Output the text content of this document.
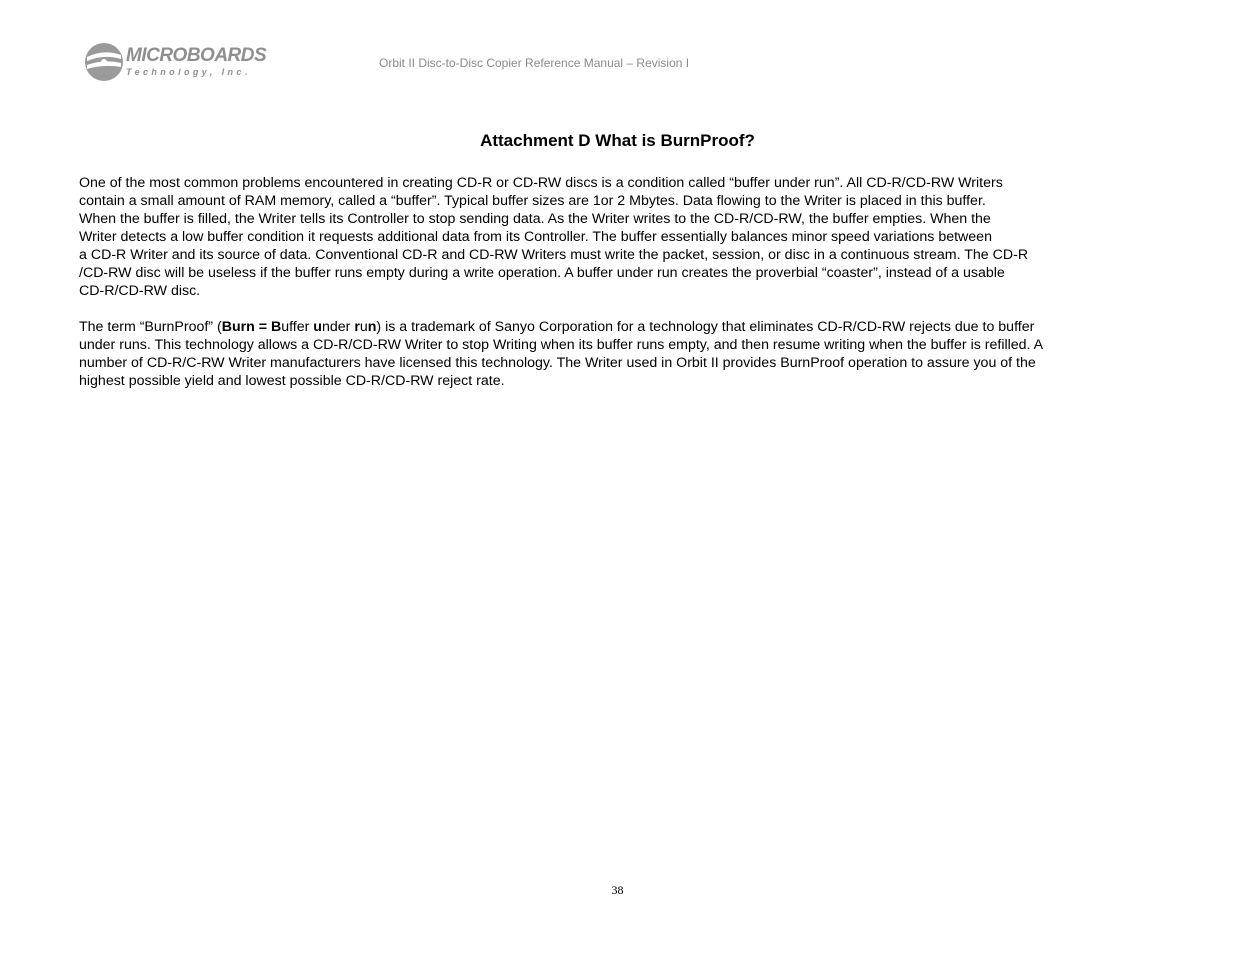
MICROBOARDS
Technology, Inc.
Orbit II Disc-to-Disc Copier Reference Manual – Revision I
Attachment D What is BurnProof?

One of the most common problems encountered in creating CD-R or CD-RW discs is a condition called “buffer under run”. All CD-R/CD-RW Writers
contain a small amount of RAM memory, called a “buffer”. Typical buffer sizes are 1or 2 Mbytes. Data flowing to the Writer is placed in this buffer.
When the buffer is filled, the Writer tells its Controller to stop sending data. As the Writer writes to the CD-R/CD-RW, the buffer empties. When the
Writer detects a low buffer condition it requests additional data from its Controller. The buffer essentially balances minor speed variations between
a CD-R Writer and its source of data. Conventional CD-R and CD-RW Writers must write the packet, session, or disc in a continuous stream. The CD-R
/CD-RW disc will be useless if the buffer runs empty during a write operation. A buffer under run creates the proverbial “coaster”, instead of a usable
CD-R/CD-RW disc.

The term “BurnProof” (Burn = Buffer under run) is a trademark of Sanyo Corporation for a technology that eliminates CD-R/CD-RW rejects due to buffer
under runs. This technology allows a CD-R/CD-RW Writer to stop Writing when its buffer runs empty, and then resume writing when the buffer is refilled. A
number of CD-R/C-RW Writer manufacturers have licensed this technology. The Writer used in Orbit II provides BurnProof operation to assure you of the
highest possible yield and lowest possible CD-R/CD-RW reject rate.

38
